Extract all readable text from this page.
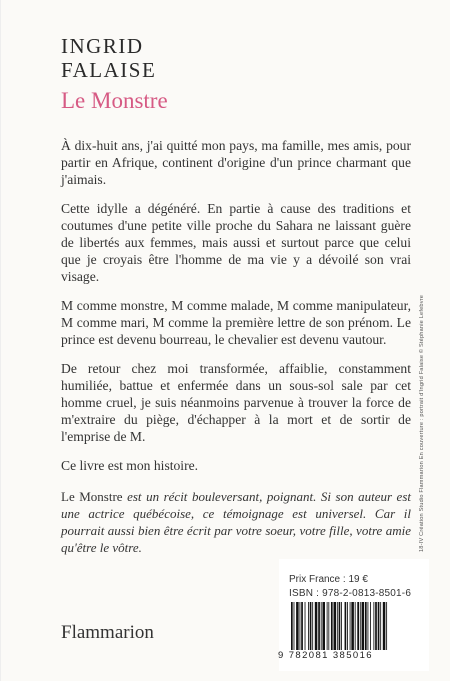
INGRID
FALAISE
Le Monstre

À dix-huit ans, j'ai quitté mon pays, ma famille, mes amis, pour partir en Afrique, continent d'origine d'un prince charmant que j'aimais.

Cette idylle a dégénéré. En partie à cause des traditions et coutumes d'une petite ville proche du Sahara ne laissant guère de libertés aux femmes, mais aussi et surtout parce que celui que je croyais être l'homme de ma vie y a dévoilé son vrai visage.

M comme monstre, M comme malade, M comme manipulateur, M comme mari, M comme la première lettre de son prénom. Le prince est devenu bourreau, le chevalier est devenu vautour.

De retour chez moi transformée, affaiblie, constamment humiliée, battue et enfermée dans un sous-sol sale par cet homme cruel, je suis néanmoins parvenue à trouver la force de m'extraire du piège, d'échapper à la mort et de sortir de l'emprise de M.

Ce livre est mon histoire.

Le Monstre est un récit bouleversant, poignant. Si son auteur est une actrice québécoise, ce témoignage est universel. Car il pourrait aussi bien être écrit par votre soeur, votre fille, votre amie qu'être le vôtre.	18-IV Création Studio Flammarion En couverture : portrait d'Ingrid Falaise © Stéphanie Lefebvre
Flammarion
Prix France : 19 €
ISBN : 978-2-0813-8501-6
9 782081 385016
